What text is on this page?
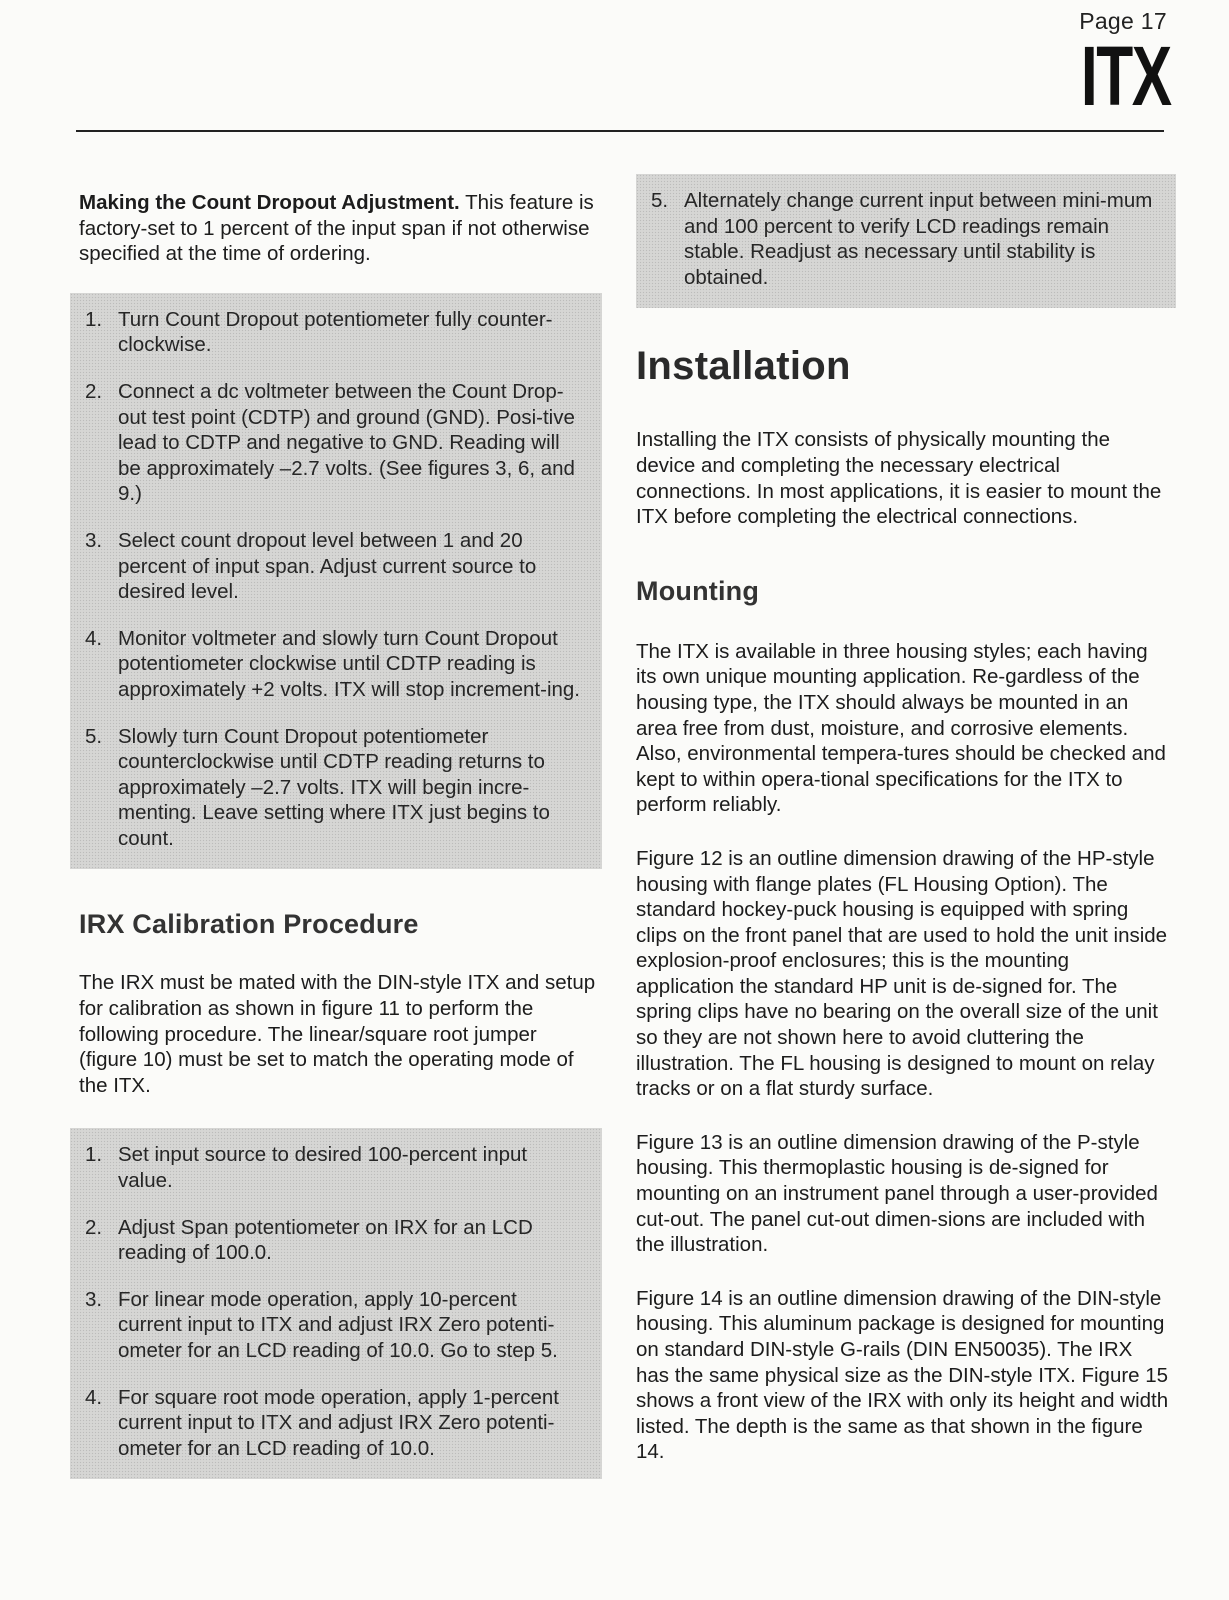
Page 17
ITX

Making the Count Dropout Adjustment. This feature is factory-set to 1 percent of the input span if not otherwise specified at the time of ordering.

1. Turn Count Dropout potentiometer fully counter-clockwise.
2. Connect a dc voltmeter between the Count Drop-out test point (CDTP) and ground (GND). Posi-tive lead to CDTP and negative to GND. Reading will be approximately –2.7 volts. (See figures 3, 6, and 9.)
3. Select count dropout level between 1 and 20 percent of input span. Adjust current source to desired level.
4. Monitor voltmeter and slowly turn Count Dropout potentiometer clockwise until CDTP reading is approximately +2 volts. ITX will stop increment-ing.
5. Slowly turn Count Dropout potentiometer counterclockwise until CDTP reading returns to approximately –2.7 volts. ITX will begin incre-menting. Leave setting where ITX just begins to count.
IRX Calibration Procedure

The IRX must be mated with the DIN-style ITX and setup for calibration as shown in figure 11 to perform the following procedure. The linear/square root jumper (figure 10) must be set to match the operating mode of the ITX.

1. Set input source to desired 100-percent input value.
2. Adjust Span potentiometer on IRX for an LCD reading of 100.0.
3. For linear mode operation, apply 10-percent current input to ITX and adjust IRX Zero potenti-ometer for an LCD reading of 10.0. Go to step 5.
4. For square root mode operation, apply 1-percent current input to ITX and adjust IRX Zero potenti-ometer for an LCD reading of 10.0.
5. Alternately change current input between mini-mum and 100 percent to verify LCD readings remain stable. Readjust as necessary until stability is obtained.
Installation

Installing the ITX consists of physically mounting the device and completing the necessary electrical connections. In most applications, it is easier to mount the ITX before completing the electrical connections.

Mounting

The ITX is available in three housing styles; each having its own unique mounting application. Re-gardless of the housing type, the ITX should always be mounted in an area free from dust, moisture, and corrosive elements. Also, environmental tempera-tures should be checked and kept to within opera-tional specifications for the ITX to perform reliably.

Figure 12 is an outline dimension drawing of the HP-style housing with flange plates (FL Housing Option). The standard hockey-puck housing is equipped with spring clips on the front panel that are used to hold the unit inside explosion-proof enclosures; this is the mounting application the standard HP unit is de-signed for. The spring clips have no bearing on the overall size of the unit so they are not shown here to avoid cluttering the illustration. The FL housing is designed to mount on relay tracks or on a flat sturdy surface.

Figure 13 is an outline dimension drawing of the P-style housing. This thermoplastic housing is de-signed for mounting on an instrument panel through a user-provided cut-out. The panel cut-out dimen-sions are included with the illustration.

Figure 14 is an outline dimension drawing of the DIN-style housing. This aluminum package is designed for mounting on standard DIN-style G-rails (DIN EN50035). The IRX has the same physical size as the DIN-style ITX. Figure 15 shows a front view of the IRX with only its height and width listed. The depth is the same as that shown in the figure 14.
